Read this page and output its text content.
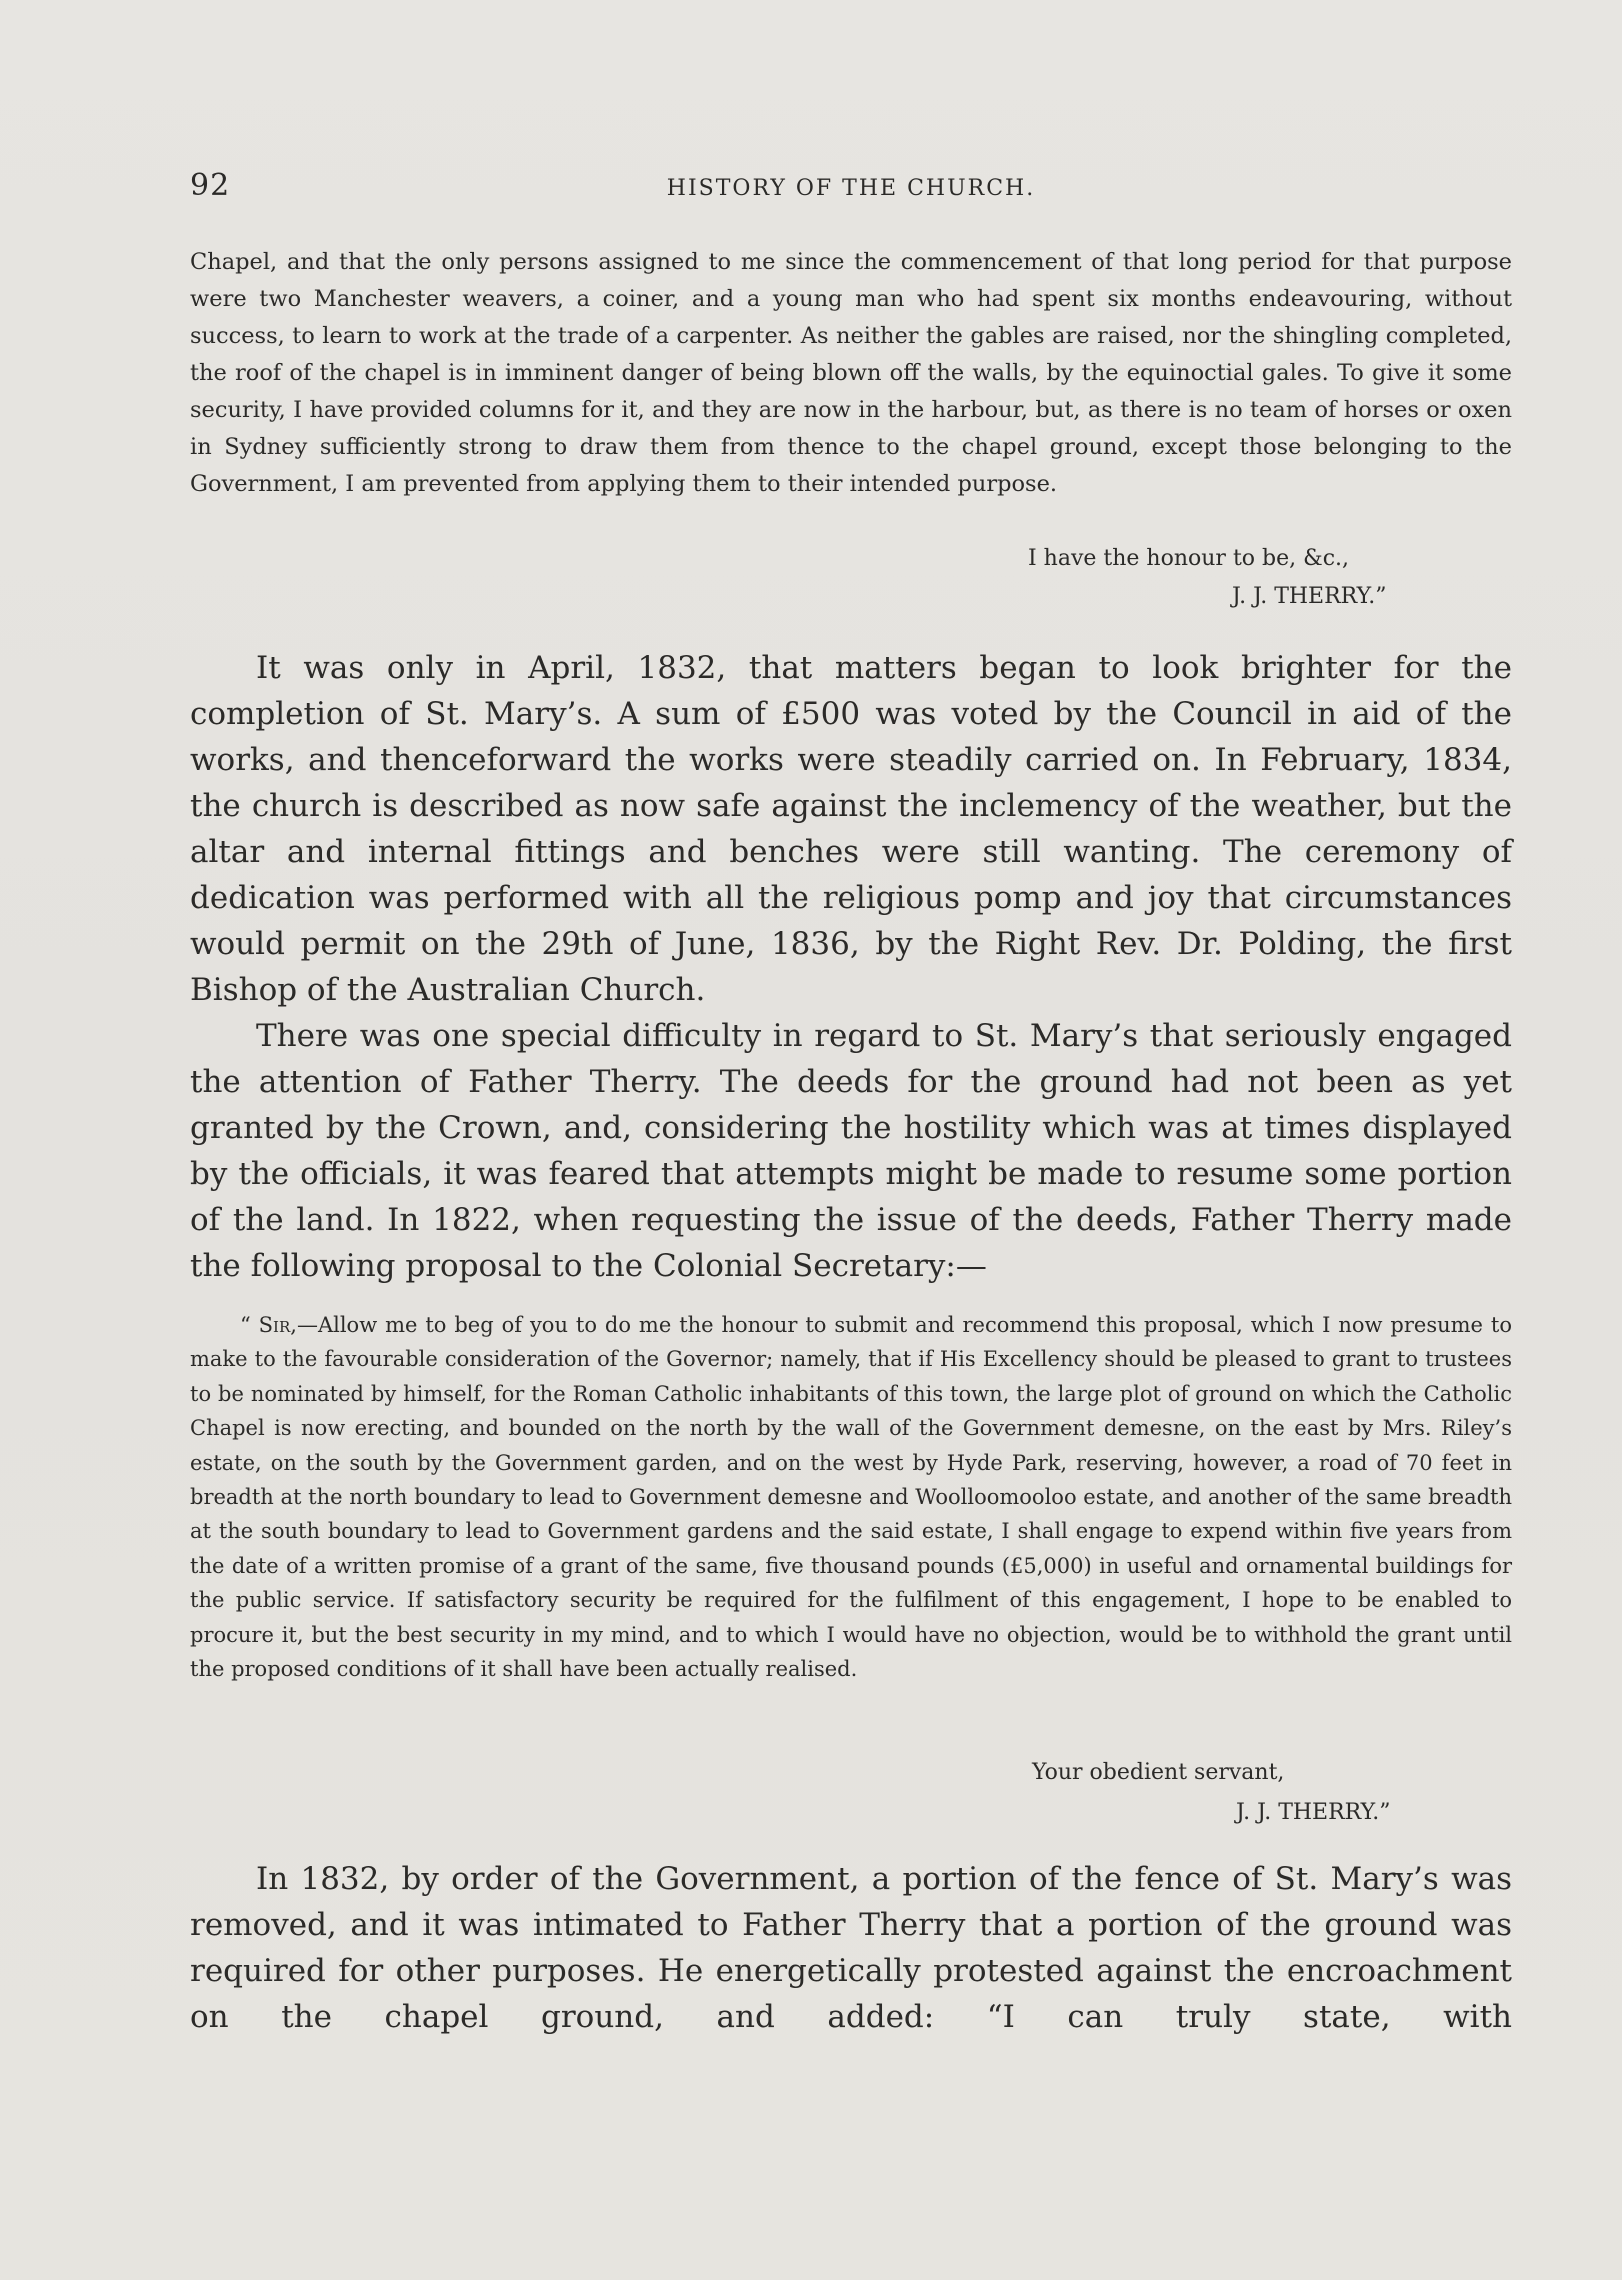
92	HISTORY OF THE CHURCH.

Chapel, and that the only persons assigned to me since the commencement of that long period for that purpose were two Manchester weavers, a coiner, and a young man who had spent six months endeavouring, without success, to learn to work at the trade of a carpenter. As neither the gables are raised, nor the shingling completed, the roof of the chapel is in imminent danger of being blown off the walls, by the equinoctial gales. To give it some security, I have provided columns for it, and they are now in the harbour, but, as there is no team of horses or oxen in Sydney sufficiently strong to draw them from thence to the chapel ground, except those belonging to the Government, I am prevented from applying them to their intended purpose.

I have the honour to be, &c.,
J. J. THERRY.”

It was only in April, 1832, that matters began to look brighter for the completion of St. Mary’s. A sum of £500 was voted by the Council in aid of the works, and thenceforward the works were steadily carried on. In February, 1834, the church is described as now safe against the inclemency of the weather, but the altar and internal fittings and benches were still wanting. The ceremony of dedication was performed with all the religious pomp and joy that circumstances would permit on the 29th of June, 1836, by the Right Rev. Dr. Polding, the first Bishop of the Australian Church.

There was one special difficulty in regard to St. Mary’s that seriously engaged the attention of Father Therry. The deeds for the ground had not been as yet granted by the Crown, and, considering the hostility which was at times displayed by the officials, it was feared that attempts might be made to resume some portion of the land. In 1822, when requesting the issue of the deeds, Father Therry made the following proposal to the Colonial Secretary:—

“ Sir,—Allow me to beg of you to do me the honour to submit and recommend this proposal, which I now presume to make to the favourable consideration of the Governor; namely, that if His Excellency should be pleased to grant to trustees to be nominated by himself, for the Roman Catholic inhabitants of this town, the large plot of ground on which the Catholic Chapel is now erecting, and bounded on the north by the wall of the Government demesne, on the east by Mrs. Riley’s estate, on the south by the Government garden, and on the west by Hyde Park, reserving, however, a road of 70 feet in breadth at the north boundary to lead to Government demesne and Woolloomooloo estate, and another of the same breadth at the south boundary to lead to Government gardens and the said estate, I shall engage to expend within five years from the date of a written promise of a grant of the same, five thousand pounds (£5,000) in useful and ornamental buildings for the public service. If satisfactory security be required for the fulfilment of this engagement, I hope to be enabled to procure it, but the best security in my mind, and to which I would have no objection, would be to withhold the grant until the proposed conditions of it shall have been actually realised.

Your obedient servant,
J. J. THERRY.”

In 1832, by order of the Government, a portion of the fence of St. Mary’s was removed, and it was intimated to Father Therry that a portion of the ground was required for other purposes. He energetically protested against the encroachment on the chapel ground, and added: “I can truly state, with
